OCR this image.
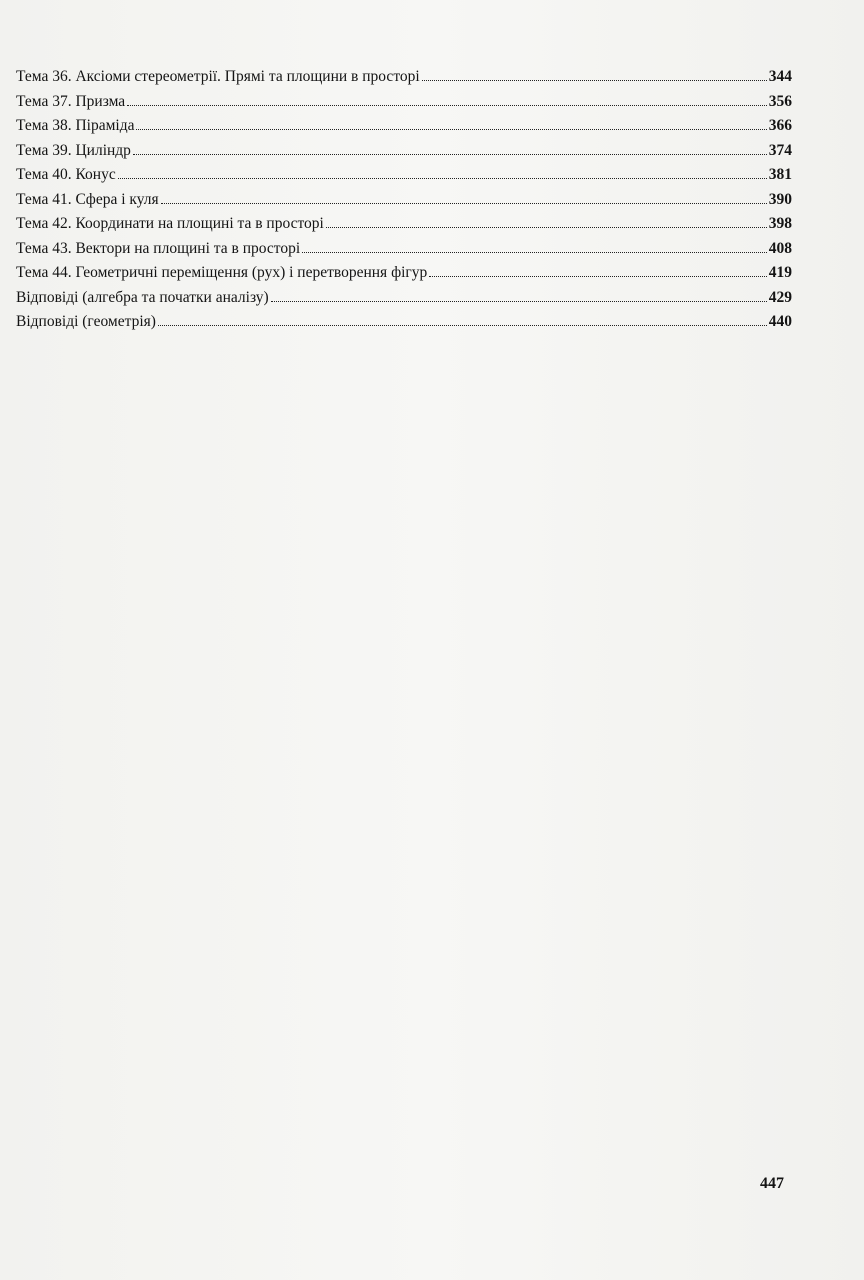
Тема 36. Аксіоми стереометрії. Прямі та площини в просторі	344
Тема 37. Призма	356
Тема 38. Піраміда	366
Тема 39. Циліндр	374
Тема 40. Конус	381
Тема 41. Сфера і куля	390
Тема 42. Координати на площині та в просторі	398
Тема 43. Вектори на площині та в просторі	408
Тема 44. Геометричні переміщення (рух) і перетворення фігур	419
Відповіді (алгебра та початки аналізу)	429
Відповіді (геометрія)	440
447
